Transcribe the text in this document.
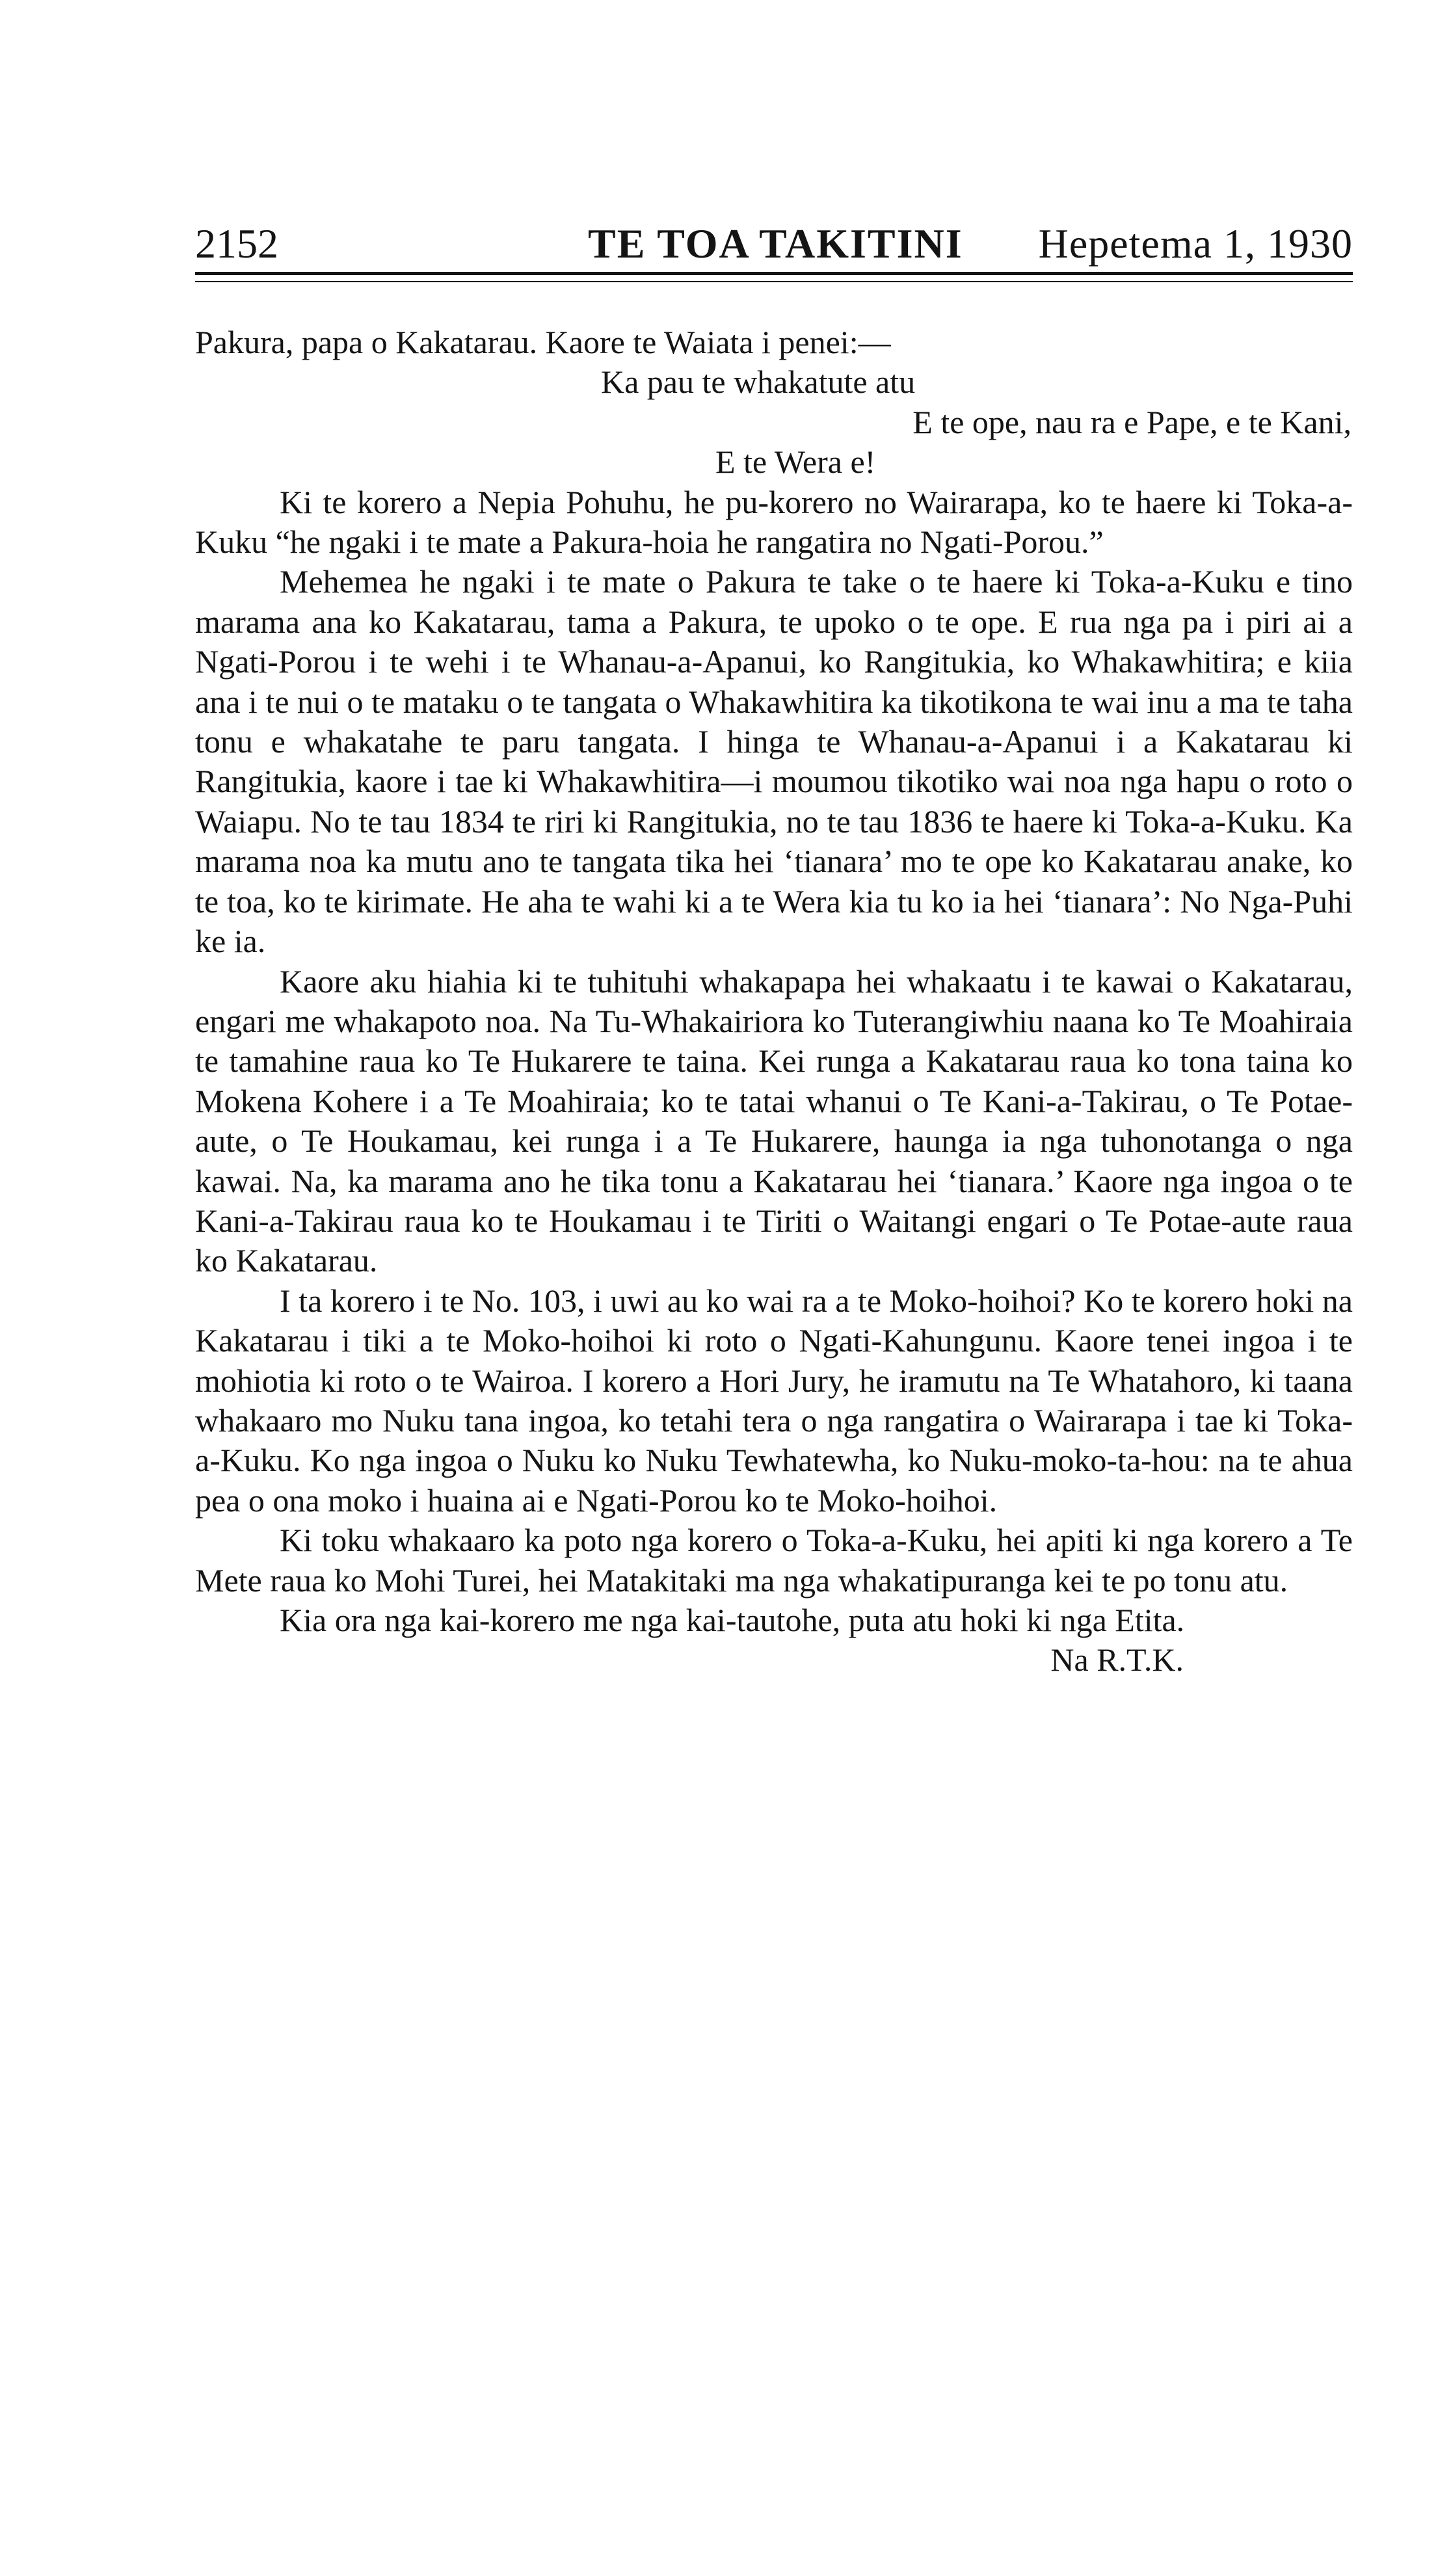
2152	TE TOA TAKITINI Hepetema 1, 1930

Pakura, papa o Kakatarau. Kaore te Waiata i penei:—

Ka pau te whakatute atu
E te ope, nau ra e Pape, e te Kani,
E te Wera e!

Ki te korero a Nepia Pohuhu, he pu-korero no Wairarapa, ko te haere ki Toka-a-Kuku “he ngaki i te mate a Pakura-hoia he rangatira no Ngati-Porou.”

Mehemea he ngaki i te mate o Pakura te take o te haere ki Toka-a-Kuku e tino marama ana ko Kakatarau, tama a Pakura, te upoko o te ope. E rua nga pa i piri ai a Ngati-Porou i te wehi i te Whanau-a-Apanui, ko Rangitukia, ko Whakawhitira; e kiia ana i te nui o te mataku o te tangata o Whakawhitira ka tikotikona te wai inu a ma te taha tonu e whakatahe te paru tangata. I hinga te Whanau-a-Apanui i a Kakatarau ki Rangitukia, kaore i tae ki Whakawhitira—i moumou tikotiko wai noa nga hapu o roto o Waiapu. No te tau 1834 te riri ki Rangitukia, no te tau 1836 te haere ki Toka-a-Kuku. Ka marama noa ka mutu ano te tangata tika hei ‘tianara’ mo te ope ko Kakatarau anake, ko te toa, ko te kirimate. He aha te wahi ki a te Wera kia tu ko ia hei ‘tianara’: No Nga-Puhi ke ia.

Kaore aku hiahia ki te tuhituhi whakapapa hei whakaatu i te kawai o Kakatarau, engari me whakapoto noa. Na Tu-Whakairiora ko Tuterangiwhiu naana ko Te Moahiraia te tamahine raua ko Te Hukarere te taina. Kei runga a Kakatarau raua ko tona taina ko Mokena Kohere i a Te Moahiraia; ko te tatai whanui o Te Kani-a-Takirau, o Te Potae-aute, o Te Houkamau, kei runga i a Te Hukarere, haunga ia nga tuhonotanga o nga kawai. Na, ka marama ano he tika tonu a Kakatarau hei ‘tianara.’ Kaore nga ingoa o te Kani-a-Takirau raua ko te Houkamau i te Tiriti o Waitangi engari o Te Potae-aute raua ko Kakatarau.

I ta korero i te No. 103, i uwi au ko wai ra a te Moko-hoihoi? Ko te korero hoki na Kakatarau i tiki a te Moko-hoihoi ki roto o Ngati-Kahungunu. Kaore tenei ingoa i te mohiotia ki roto o te Wairoa. I korero a Hori Jury, he iramutu na Te Whatahoro, ki taana whakaaro mo Nuku tana ingoa, ko tetahi tera o nga rangatira o Wairarapa i tae ki Toka-a-Kuku. Ko nga ingoa o Nuku ko Nuku Tewhatewha, ko Nuku-moko-ta-hou: na te ahua pea o ona moko i huaina ai e Ngati-Porou ko te Moko-hoihoi.

Ki toku whakaaro ka poto nga korero o Toka-a-Kuku, hei apiti ki nga korero a Te Mete raua ko Mohi Turei, hei Matakitaki ma nga whakatipuranga kei te po tonu atu.

Kia ora nga kai-korero me nga kai-tautohe, puta atu hoki ki nga Etita.

Na R.T.K.
